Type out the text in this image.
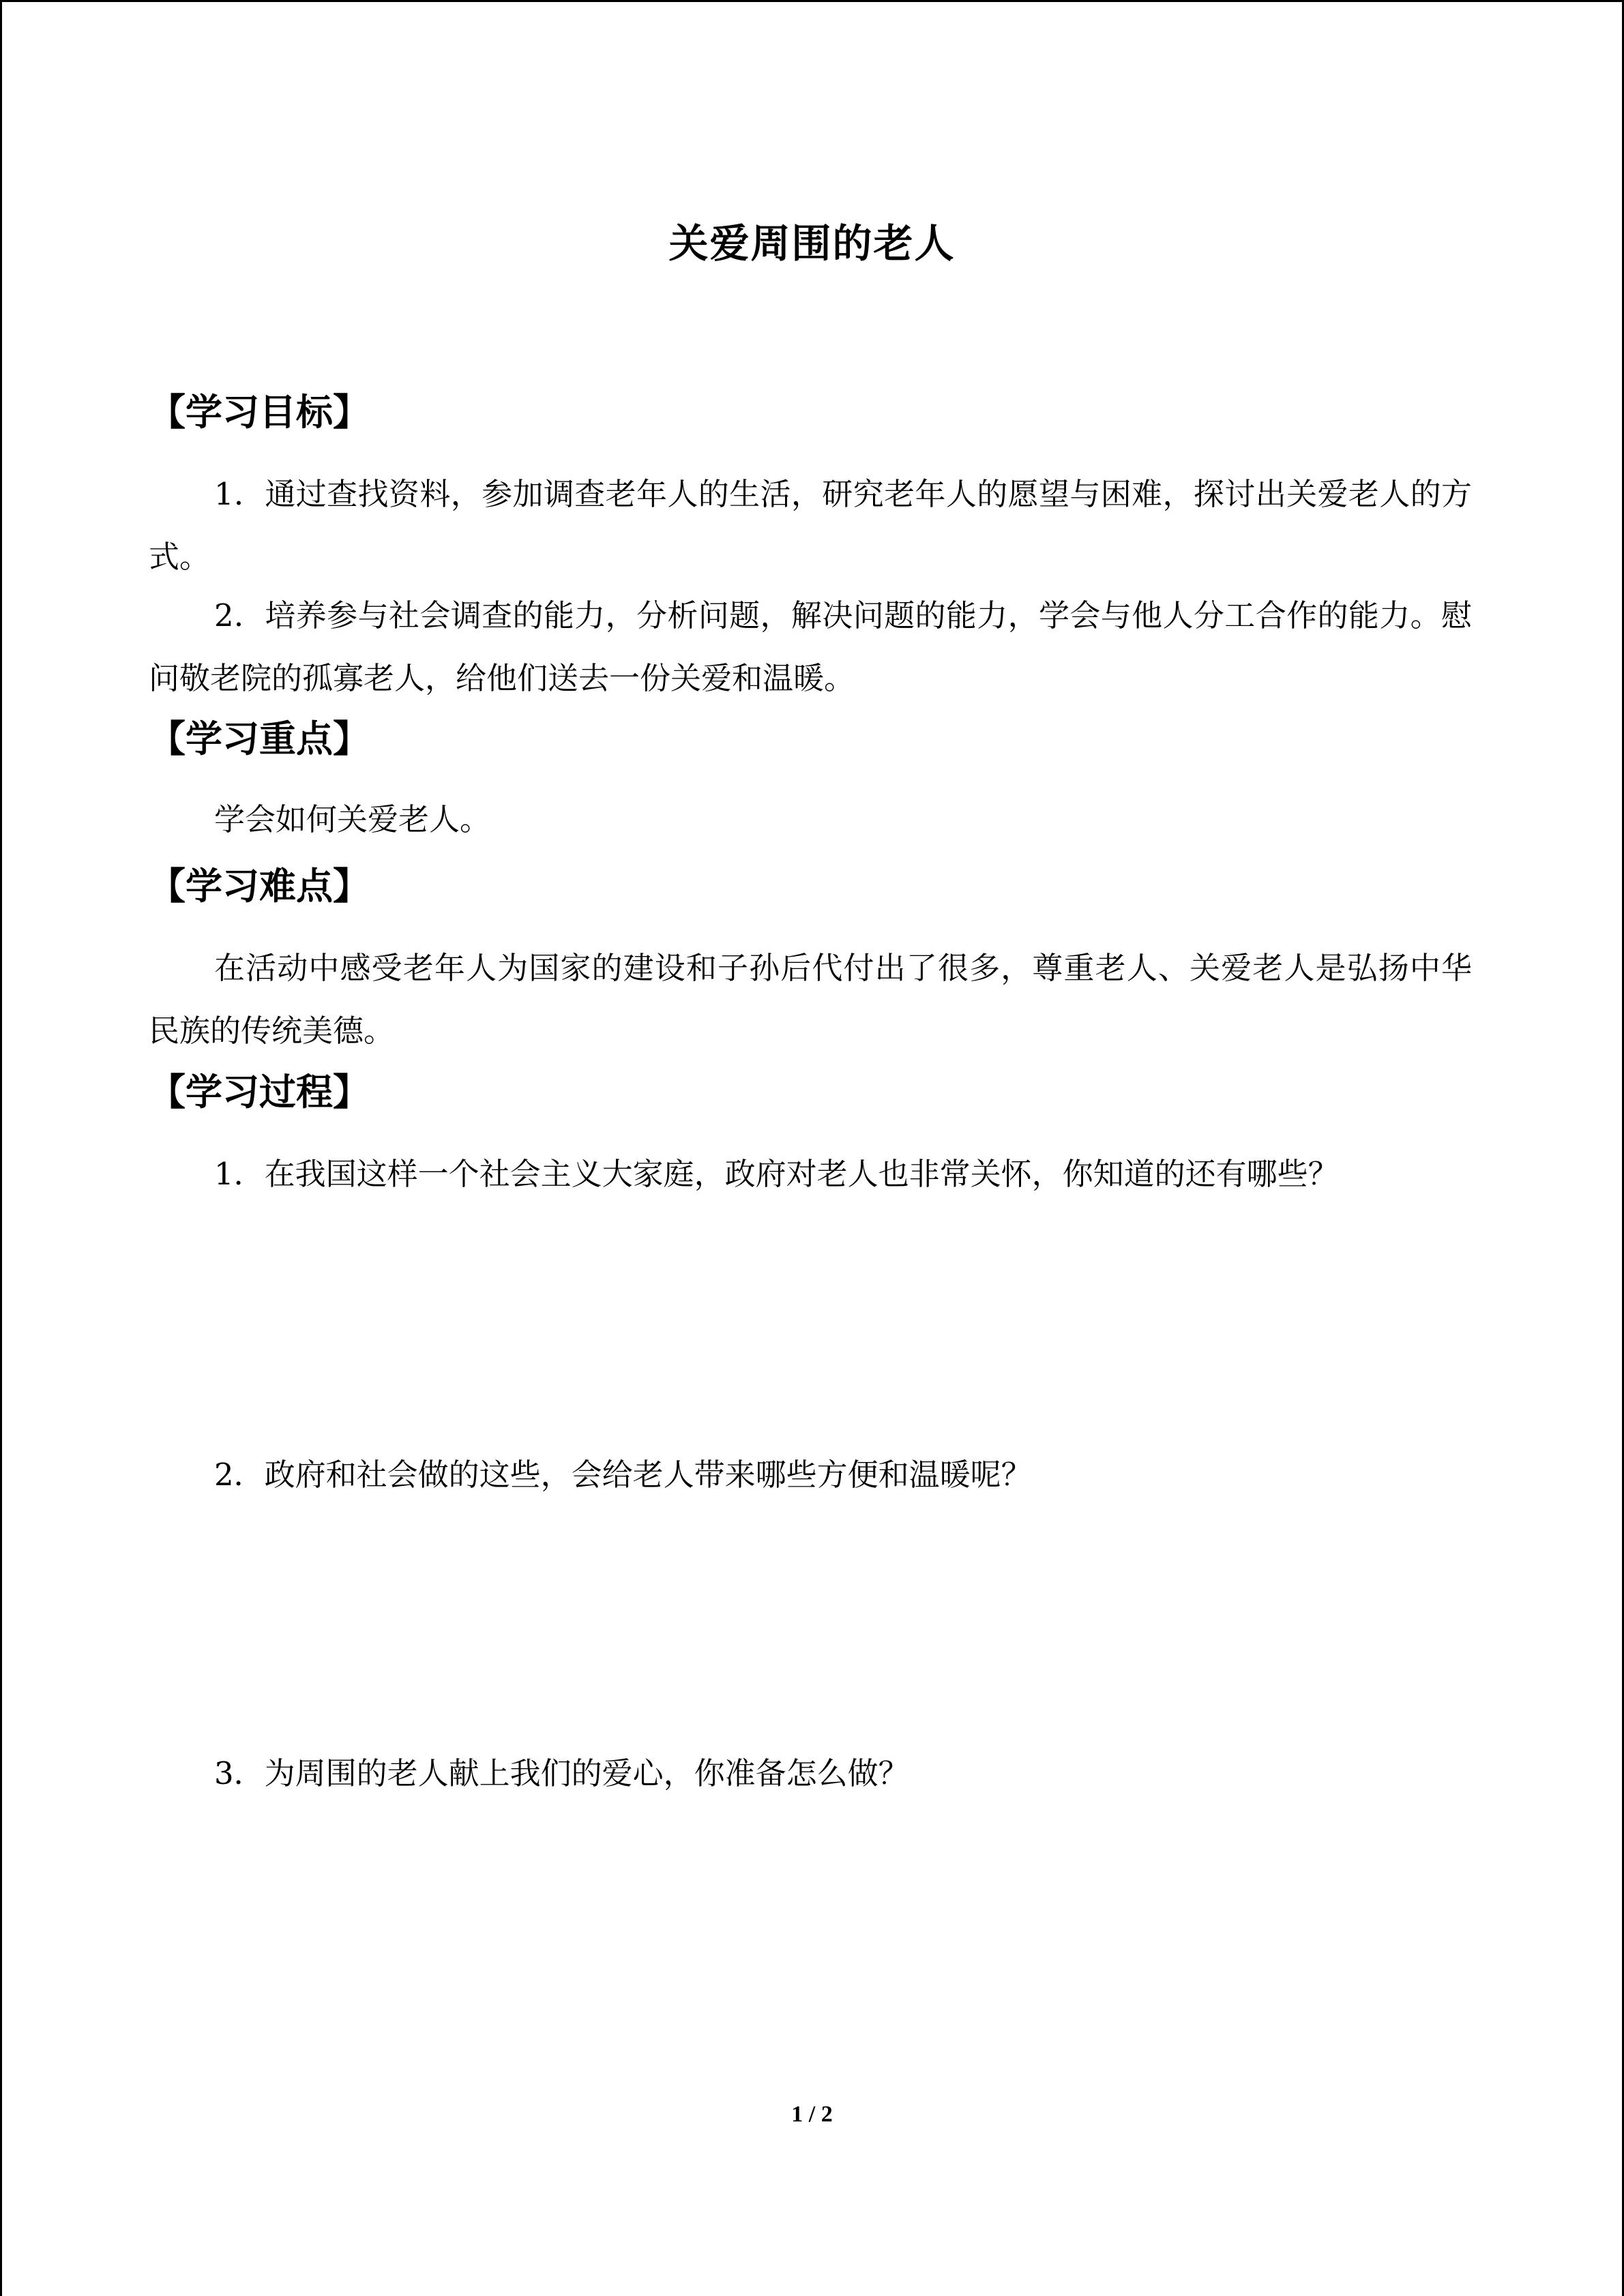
关爱周围的老人
【学习目标】
1．通过查找资料，参加调查老年人的生活，研究老年人的愿望与困难，探讨出关爱老人的方式。
2．培养参与社会调查的能力，分析问题，解决问题的能力，学会与他人分工合作的能力。慰问敬老院的孤寡老人，给他们送去一份关爱和温暖。
【学习重点】
学会如何关爱老人。
【学习难点】
在活动中感受老年人为国家的建设和子孙后代付出了很多，尊重老人、关爱老人是弘扬中华民族的传统美德。
【学习过程】
1．在我国这样一个社会主义大家庭，政府对老人也非常关怀，你知道的还有哪些？
2．政府和社会做的这些，会给老人带来哪些方便和温暖呢？
3．为周围的老人献上我们的爱心，你准备怎么做？
1 / 2
